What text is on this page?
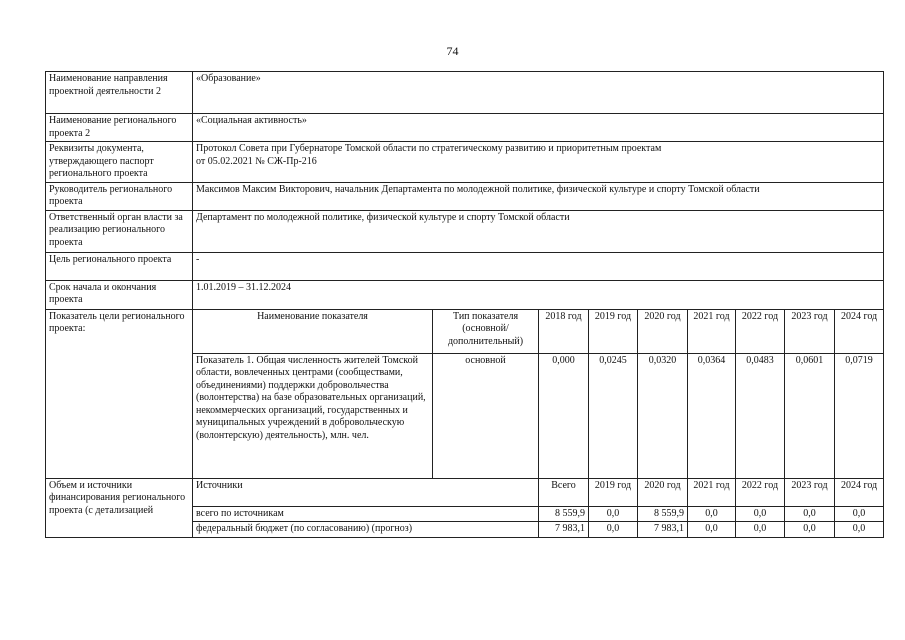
74
Наименование направления проектной деятельности 2	«Образование»								
Наименование регионального проекта 2	«Социальная активность»								
Реквизиты документа, утверждающего паспорт регионального проекта	Протокол Совета при Губернаторе Томской области по стратегическому развитию и приоритетным проектам
от 05.02.2021 № СЖ-Пр-216								

Руководитель регионального проекта	Максимов Максим Викторович, начальник Департамента по молодежной политике, физической культуре и спорту Томской области								
Ответственный орган власти за реализацию регионального проекта	Департамент по молодежной политике, физической культуре и спорту Томской области								
Цель регионального проекта	-								
Срок начала и окончания проекта	1.01.2019 – 31.12.2024								
Показатель цели регионального проекта:	Наименование показателя	Тип показателя (основной/ дополнительный)	2018 год	2019 год	2020 год	2021 год	2022 год	2023 год	2024 год
	Показатель 1. Общая численность жителей Томской области, вовлеченных центрами (сообществами, объединениями) поддержки добровольчества (волонтерства) на базе образовательных организаций, некоммерческих организаций, государственных и муниципальных учреждений в добровольческую (волонтерскую) деятельность), млн. чел.	основной	0,000	0,0245	0,0320	0,0364	0,0483	0,0601	0,0719
Объем и источники финансирования регионального проекта (с детализацией	Источники		Всего	2019 год	2020 год	2021 год	2022 год	2023 год	2024 год
	всего по источникам		8 559,9	0,0	8 559,9	0,0	0,0	0,0	0,0
	федеральный бюджет (по согласованию) (прогноз)		7 983,1	0,0	7 983,1	0,0	0,0	0,0	0,0
